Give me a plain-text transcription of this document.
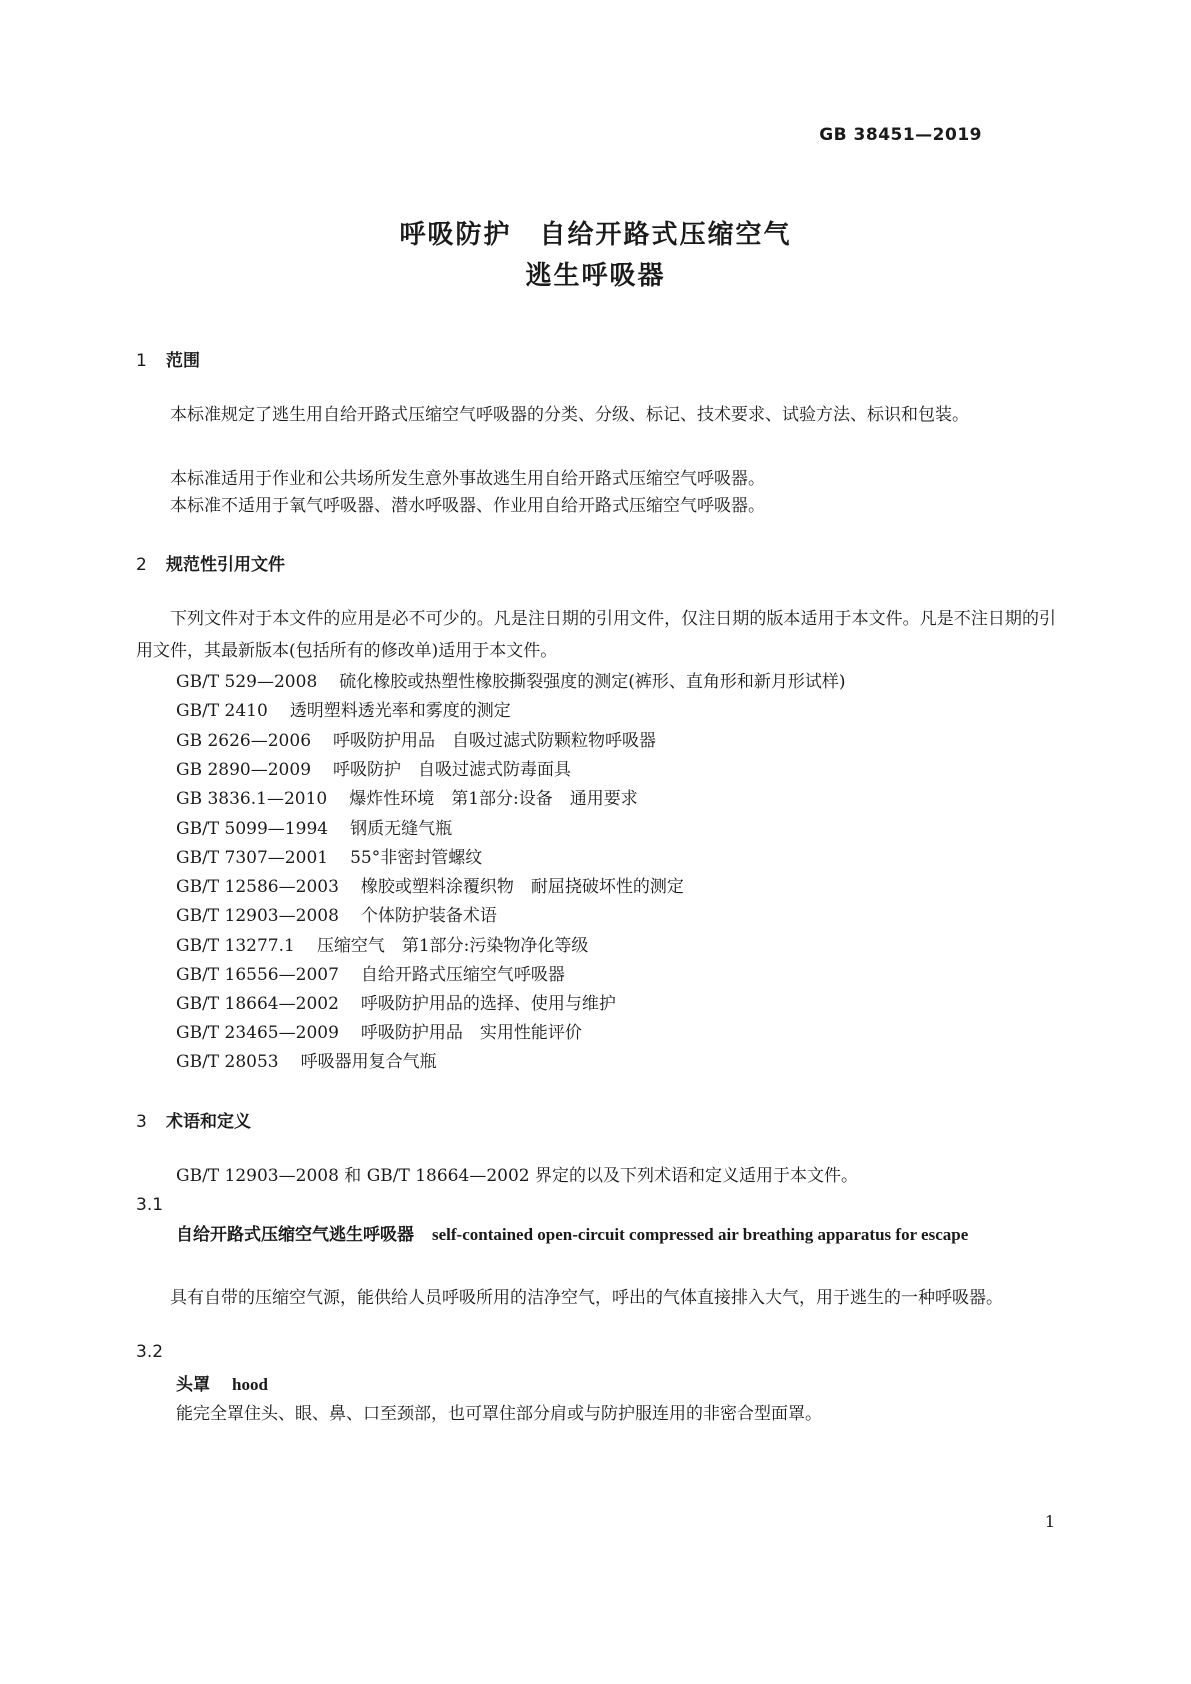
GB 38451—2019
呼吸防护　自给开路式压缩空气
逃生呼吸器
1 范围

本标准规定了逃生用自给开路式压缩空气呼吸器的分类、分级、标记、技术要求、试验方法、标识和包装。

本标准适用于作业和公共场所发生意外事故逃生用自给开路式压缩空气呼吸器。

本标准不适用于氧气呼吸器、潜水呼吸器、作业用自给开路式压缩空气呼吸器。

2 规范性引用文件

下列文件对于本文件的应用是必不可少的。凡是注日期的引用文件，仅注日期的版本适用于本文件。凡是不注日期的引用文件，其最新版本(包括所有的修改单)适用于本文件。

GB/T 529—2008 硫化橡胶或热塑性橡胶撕裂强度的测定(裤形、直角形和新月形试样)
GB/T 2410 透明塑料透光率和雾度的测定
GB 2626—2006 呼吸防护用品　自吸过滤式防颗粒物呼吸器
GB 2890—2009 呼吸防护　自吸过滤式防毒面具
GB 3836.1—2010 爆炸性环境　第1部分:设备　通用要求
GB/T 5099—1994 钢质无缝气瓶
GB/T 7307—2001 55°非密封管螺纹
GB/T 12586—2003 橡胶或塑料涂覆织物　耐屈挠破坏性的测定
GB/T 12903—2008 个体防护装备术语
GB/T 13277.1 压缩空气　第1部分:污染物净化等级
GB/T 16556—2007 自给开路式压缩空气呼吸器
GB/T 18664—2002 呼吸防护用品的选择、使用与维护
GB/T 23465—2009 呼吸防护用品　实用性能评价
GB/T 28053 呼吸器用复合气瓶
3 术语和定义
GB/T 12903—2008 和 GB/T 18664—2002 界定的以及下列术语和定义适用于本文件。
3.1
自给开路式压缩空气逃生呼吸器 self-contained open-circuit compressed air breathing apparatus for escape

具有自带的压缩空气源，能供给人员呼吸所用的洁净空气，呼出的气体直接排入大气，用于逃生的一种呼吸器。

3.2
头罩 hood
能完全罩住头、眼、鼻、口至颈部，也可罩住部分肩或与防护服连用的非密合型面罩。
1
